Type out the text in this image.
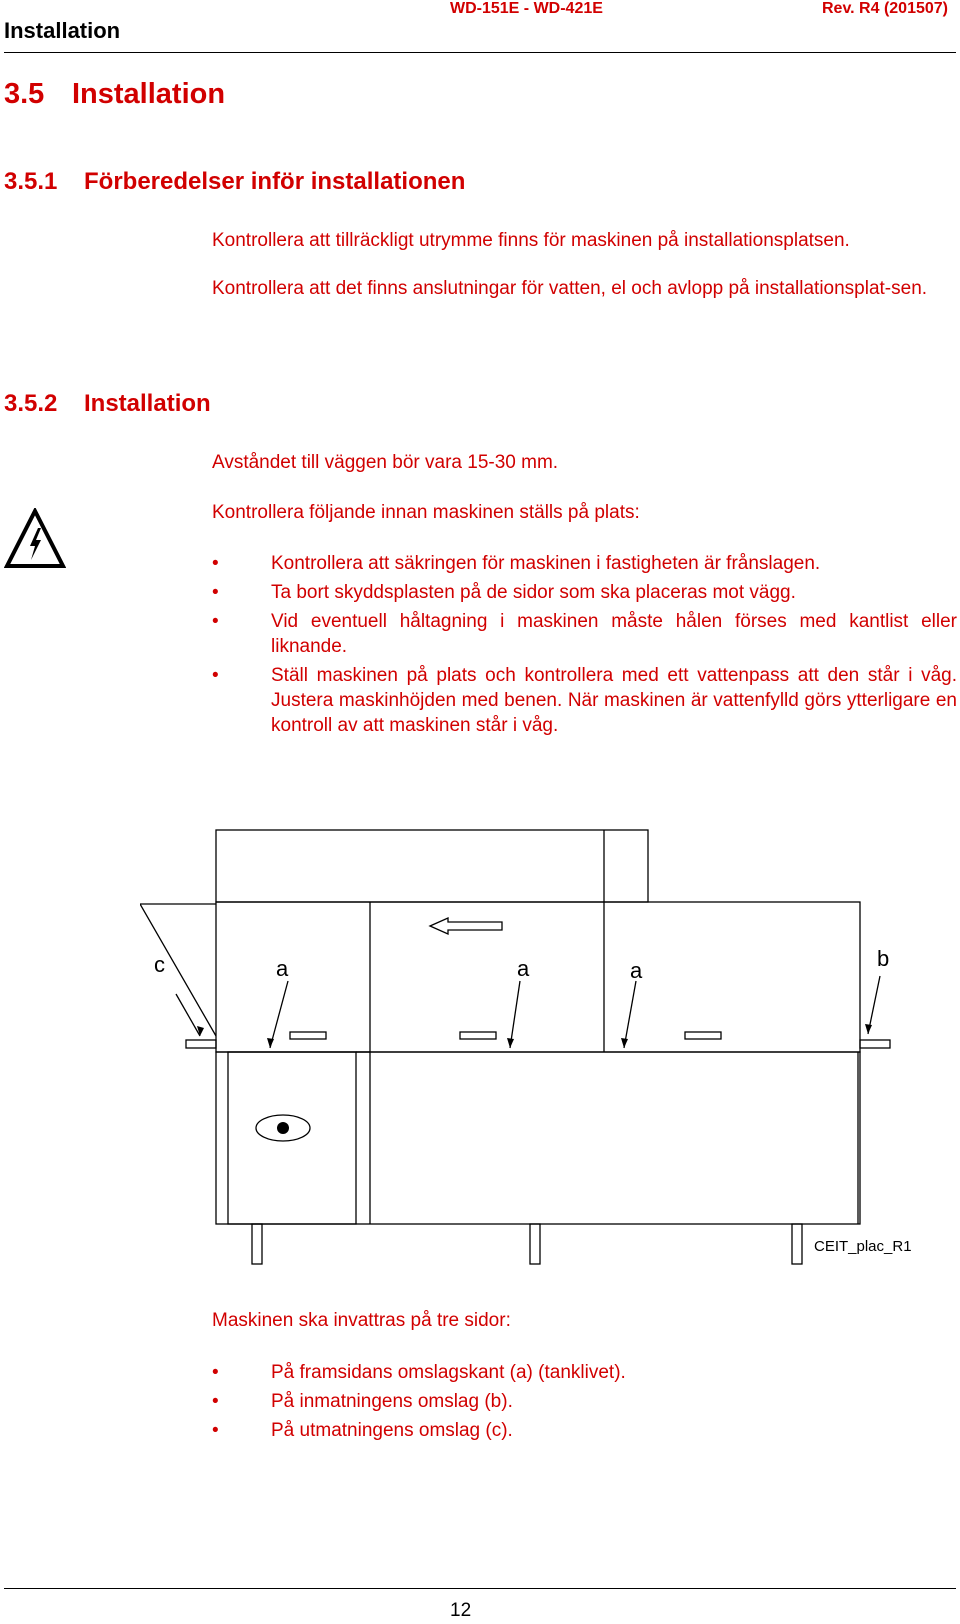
Installation
WD-151E - WD-421E	Rev. R4 (201507)
3.5 Installation
3.5.1 Förberedelser inför installationen
Kontrollera att tillräckligt utrymme finns för maskinen på installationsplatsen.
Kontrollera att det finns anslutningar för vatten, el och avlopp på installationsplat-sen.
3.5.2 Installation
Avståndet till väggen bör vara 15-30 mm.
Kontrollera följande innan maskinen ställs på plats:
•	Kontrollera att säkringen för maskinen i fastigheten är frånslagen.
•	Ta bort skyddsplasten på de sidor som ska placeras mot vägg.
•	Vid eventuell håltagning i maskinen måste hålen förses med kantlist eller liknande.
•	Ställ maskinen på plats och kontrollera med ett vattenpass att den står i våg. Justera maskinhöjden med benen. När maskinen är vattenfylld görs ytterligare en kontroll av att maskinen står i våg.
c	a	a	a	b
CEIT_plac_R1
Maskinen ska invattras på tre sidor:
•	På framsidans omslagskant (a) (tanklivet).
•	På inmatningens omslag (b).
•	På utmatningens omslag (c).
12
